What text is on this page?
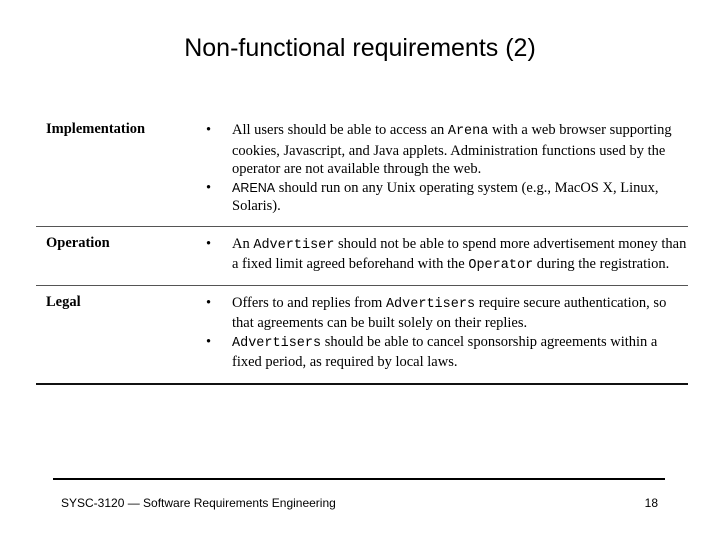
Non-functional requirements (2)
Implementation	• All users should be able to access an Arena with a web browser supporting cookies, Javascript, and Java applets. Administration functions used by the operator are not available through the web.
• ARENA should run on any Unix operating system (e.g., MacOS X, Linux, Solaris).
Operation	• An Advertiser should not be able to spend more advertisement money than a fixed limit agreed beforehand with the Operator during the registration.
Legal	• Offers to and replies from Advertisers require secure authentication, so that agreements can be built solely on their replies.
• Advertisers should be able to cancel sponsorship agreements within a fixed period, as required by local laws.
SYSC-3120 — Software Requirements Engineering	18
